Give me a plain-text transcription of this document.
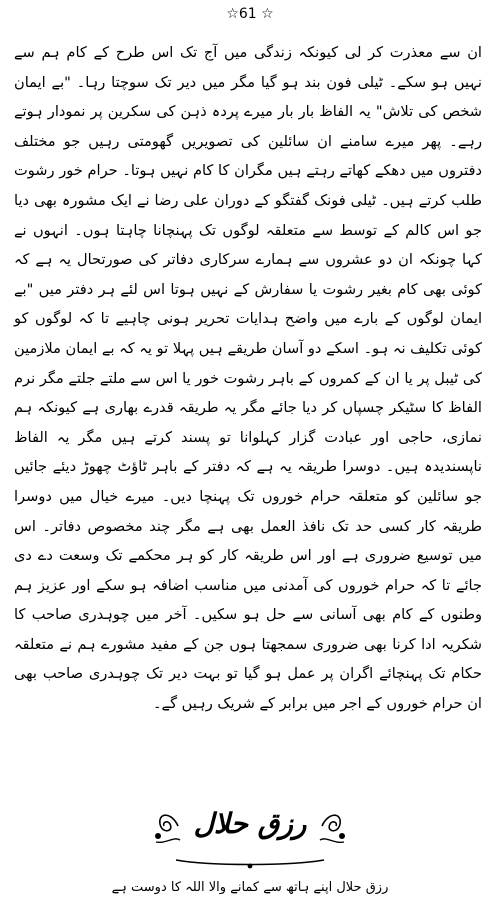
☆61 ☆

ان سے معذرت کر لی کیونکہ زندگی میں آج تک اس طرح کے کام ہم سے نہیں ہو سکے۔ ٹیلی فون بند ہو گیا مگر میں دیر تک سوچتا رہا۔ "بے ایمان شخص کی تلاش" یہ الفاظ بار بار میرے پردہ ذہن کی سکرین پر نمودار ہوتے رہے۔ پھر میرے سامنے ان سائلین کی تصویریں گھومتی رہیں جو مختلف دفتروں میں دھکے کھاتے رہتے ہیں مگران کا کام نہیں ہوتا۔ حرام خور رشوت طلب کرتے ہیں۔ ٹیلی فونک گفتگو کے دوران علی رضا نے ایک مشورہ بھی دیا جو اس کالم کے توسط سے متعلقہ لوگوں تک پہنچانا چاہتا ہوں۔ انہوں نے کہا چونکہ ان دو عشروں سے ہمارے سرکاری دفاتر کی صورتحال یہ ہے کہ کوئی بھی کام بغیر رشوت یا سفارش کے نہیں ہوتا اس لئے ہر دفتر میں "بے ایمان لوگوں کے بارے میں واضح ہدایات تحریر ہونی چاہیے تا کہ لوگوں کو کوئی تکلیف نہ ہو۔ اسکے دو آسان طریقے ہیں پہلا تو یہ کہ بے ایمان ملازمین کی ٹیبل پر یا ان کے کمروں کے باہر رشوت خور یا اس سے ملتے جلتے مگر نرم الفاظ کا سٹیکر چسپاں کر دیا جائے مگر یہ طریقہ قدرے بھاری ہے کیونکہ ہم نمازی، حاجی اور عبادت گزار کہلوانا تو پسند کرتے ہیں مگر یہ الفاظ ناپسندیدہ ہیں۔ دوسرا طریقہ یہ ہے کہ دفتر کے باہر ٹاؤٹ چھوڑ دیئے جائیں جو سائلین کو متعلقہ حرام خوروں تک پہنچا دیں۔ میرے خیال میں دوسرا طریقہ کار کسی حد تک نافذ العمل بھی ہے مگر چند مخصوص دفاتر۔ اس میں توسیع ضروری ہے اور اس طریقہ کار کو ہر محکمے تک وسعت دے دی جائے تا کہ حرام خوروں کی آمدنی میں مناسب اضافہ ہو سکے اور عزیز ہم وطنوں کے کام بھی آسانی سے حل ہو سکیں۔ آخر میں چوہدری صاحب کا شکریہ ادا کرنا بھی ضروری سمجھتا ہوں جن کے مفید مشورے ہم نے متعلقہ حکام تک پہنچائے اگران پر عمل ہو گیا تو بہت دیر تک چوہدری صاحب بھی ان حرام خوروں کے اجر میں برابر کے شریک رہیں گے۔

رزق حلال
رزق حلال اپنے ہاتھ سے کمانے والا اللہ کا دوست ہے
